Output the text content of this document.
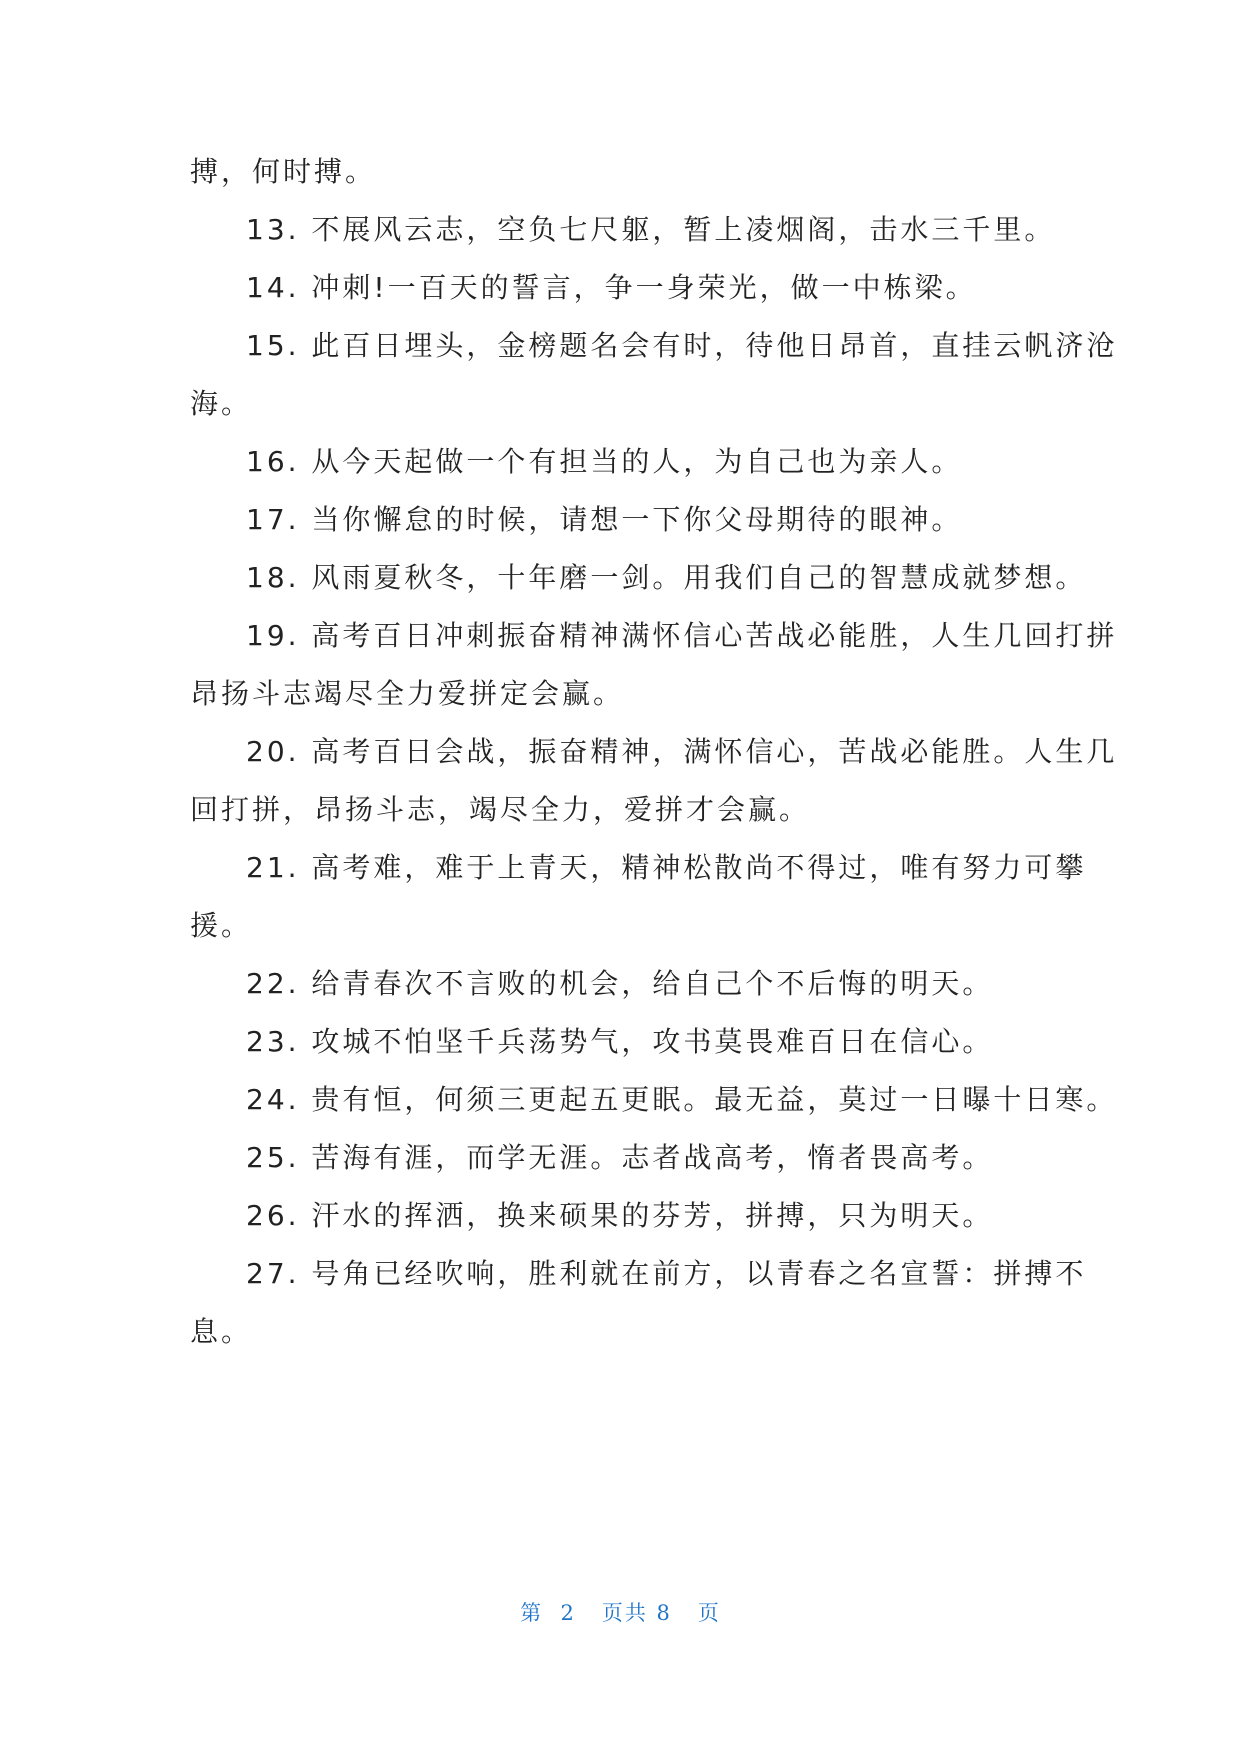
搏，何时搏。
13. 不展风云志，空负七尺躯，暂上凌烟阁，击水三千里。
14. 冲刺!一百天的誓言，争一身荣光，做一中栋梁。
15. 此百日埋头，金榜题名会有时，待他日昂首，直挂云帆济沧
海。
16. 从今天起做一个有担当的人，为自己也为亲人。
17. 当你懈怠的时候，请想一下你父母期待的眼神。
18. 风雨夏秋冬，十年磨一剑。用我们自己的智慧成就梦想。
19. 高考百日冲刺振奋精神满怀信心苦战必能胜，人生几回打拼
昂扬斗志竭尽全力爱拼定会赢。
20. 高考百日会战，振奋精神，满怀信心，苦战必能胜。人生几
回打拼，昂扬斗志，竭尽全力，爱拼才会赢。
21. 高考难，难于上青天，精神松散尚不得过，唯有努力可攀
援。
22. 给青春次不言败的机会，给自己个不后悔的明天。
23. 攻城不怕坚千兵荡势气，攻书莫畏难百日在信心。
24. 贵有恒，何须三更起五更眠。最无益，莫过一日曝十日寒。
25. 苦海有涯，而学无涯。志者战高考，惰者畏高考。
26. 汗水的挥洒，换来硕果的芬芳，拼搏，只为明天。
27. 号角已经吹响，胜利就在前方，以青春之名宣誓：拼搏不
息。
第  2   页共 8   页
